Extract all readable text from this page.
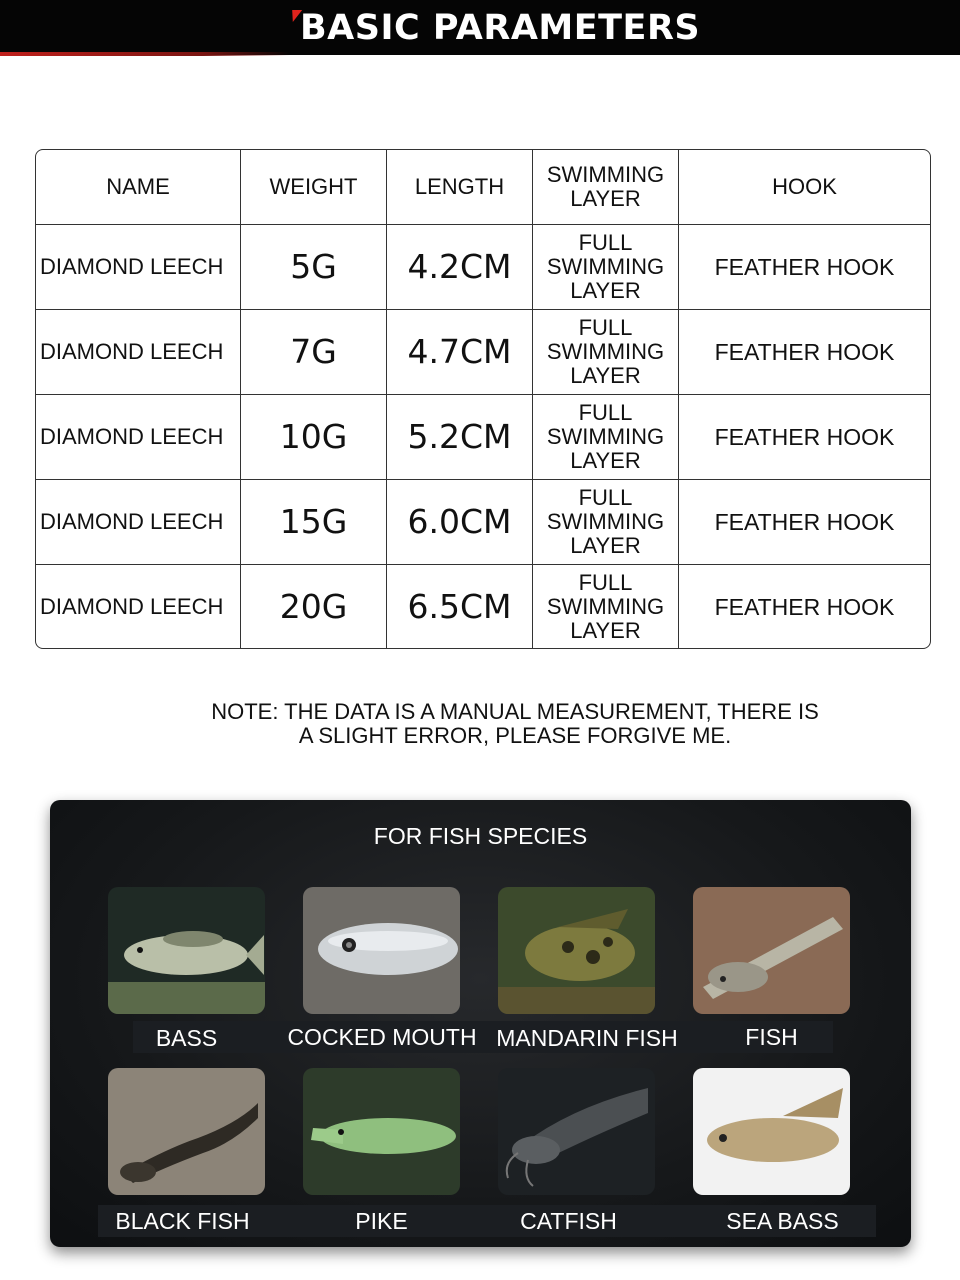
BASIC PARAMETERS
NAME	WEIGHT	LENGTH	SWIMMING LAYER	HOOK
DIAMOND LEECH	5G	4.2CM
FULL SWIMMING LAYER
FEATHER HOOK
DIAMOND LEECH	7G	4.7CM
FULL SWIMMING LAYER
FEATHER HOOK
DIAMOND LEECH	10G	5.2CM
FULL SWIMMING LAYER
FEATHER HOOK
DIAMOND LEECH	15G	6.0CM
FULL SWIMMING LAYER
FEATHER HOOK
DIAMOND LEECH	20G	6.5CM
FULL SWIMMING LAYER
FEATHER HOOK
NOTE: THE DATA IS A MANUAL MEASUREMENT, THERE IS
A SLIGHT ERROR, PLEASE FORGIVE ME.
FOR FISH SPECIES
BASS	COCKED MOUTH MANDARIN FISH	FISH
BLACK FISH	PIKE	CATFISH	SEA BASS
